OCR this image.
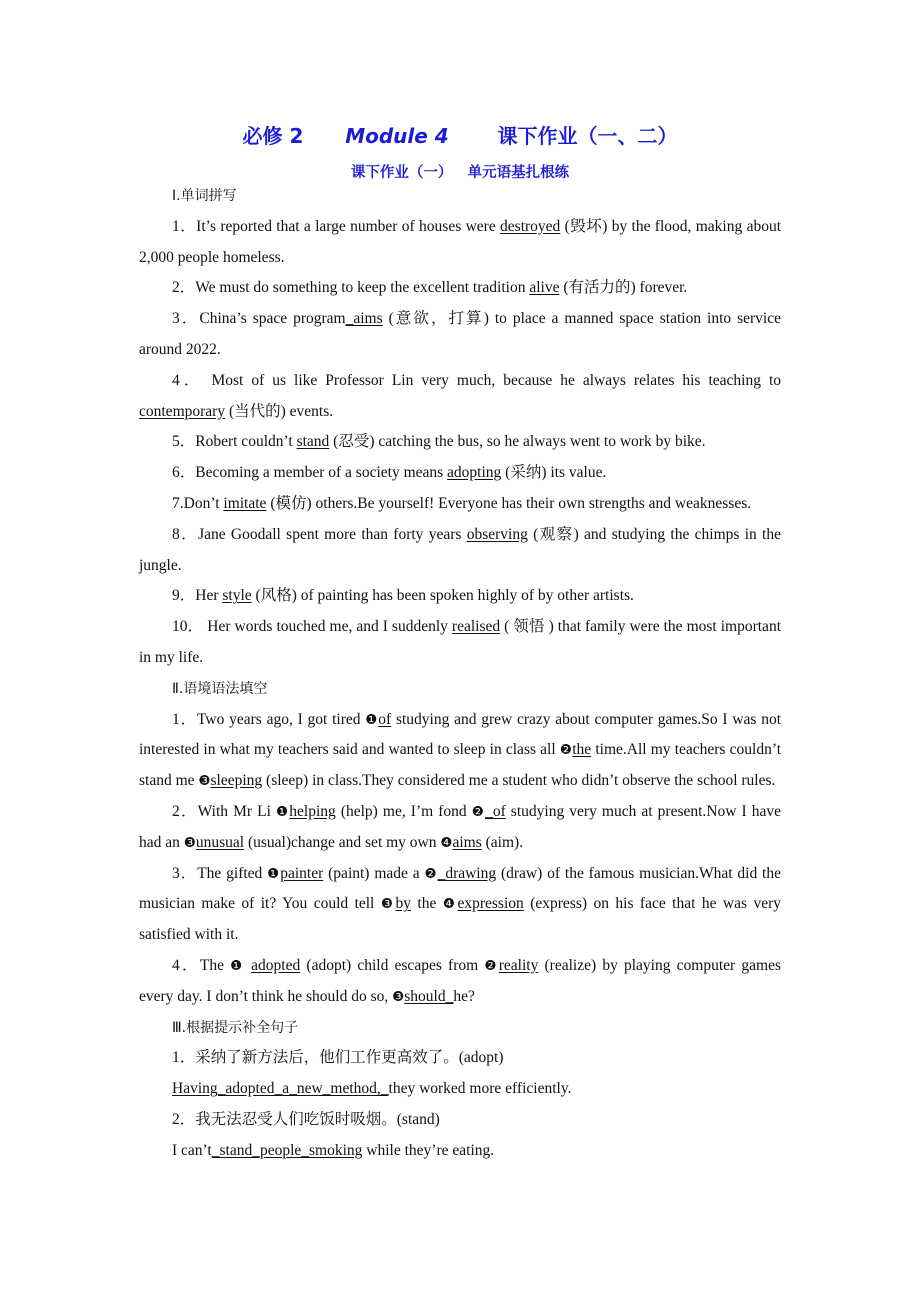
必修 2 Module 4 课下作业（一、二）
课下作业（一） 单元语基扎根练
Ⅰ.单词拼写

1．It’s reported that a large number of houses were destroyed (毁坏) by the flood, making about 2,000 people homeless.

2．We must do something to keep the excellent tradition alive (有活力的) forever.

3．China’s space program_aims (意欲，打算) to place a manned space station into service around 2022.

4． Most of us like Professor Lin very much, because he always relates his teaching to contemporary (当代的) events.

5．Robert couldn’t stand (忍受) catching the bus, so he always went to work by bike.

6．Becoming a member of a society means adopting (采纳) its value.

7.Don’t imitate (模仿) others.Be yourself! Everyone has their own strengths and weaknesses.

8．Jane Goodall spent more than forty years observing (观察) and studying the chimps in the jungle.

9．Her style (风格) of painting has been spoken highly of by other artists.

10． Her words touched me, and I suddenly realised ( 领悟 ) that family were the most important in my life.

Ⅱ.语境语法填空

1．Two years ago, I got tired ❶of studying and grew crazy about computer games.So I was not interested in what my teachers said and wanted to sleep in class all ❷the time.All my teachers couldn’t stand me ❸sleeping (sleep) in class.They considered me a student who didn’t observe the school rules.

2．With Mr Li ❶helping (help) me, I’m fond ❷_of studying very much at present.Now I have had an ❸unusual (usual)change and set my own ❹aims (aim).

3．The gifted ❶painter (paint) made a ❷_drawing (draw) of the famous musician.What did the musician make of it? You could tell ❸by the ❹expression (express) on his face that he was very satisfied with it.

4．The ❶ adopted (adopt) child escapes from ❷reality (realize) by playing computer games every day. I don’t think he should do so, ❸should_he?

Ⅲ.根据提示补全句子

1．采纳了新方法后，他们工作更高效了。(adopt)

Having_adopted_a_new_method,_they worked more efficiently.

2．我无法忍受人们吃饭时吸烟。(stand)

I can’t_stand_people_smoking while they’re eating.
